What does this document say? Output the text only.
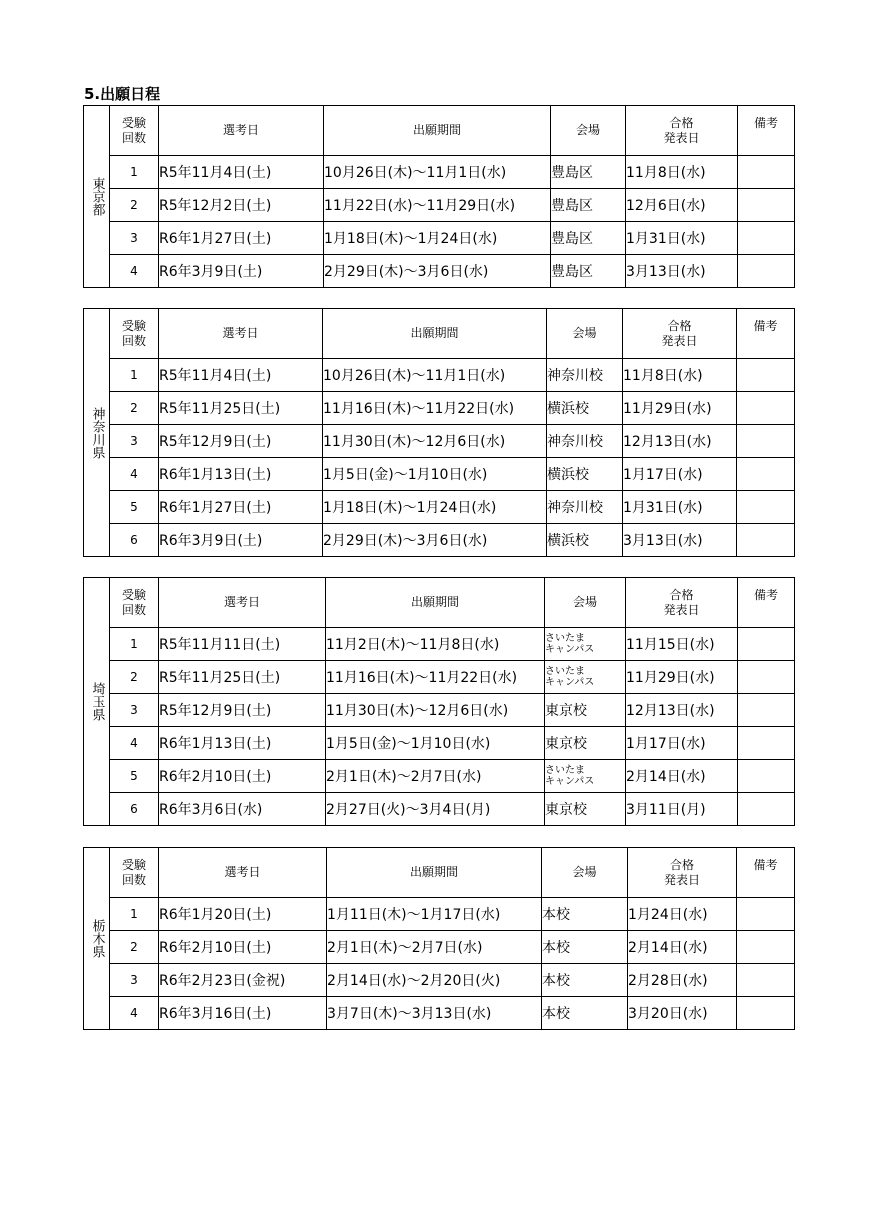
5.出願日程
東京都	受験
回数	選考日	出願期間	会場	合格
発表日	備考
	1	R5年11月4日(土)	10月26日(木)～11月1日(水)	豊島区	11月8日(水)	
	2	R5年12月2日(土)	11月22日(水)～11月29日(水)	豊島区	12月6日(水)	
	3	R6年1月27日(土)	1月18日(木)～1月24日(水)	豊島区	1月31日(水)	
	4	R6年3月9日(土)	2月29日(木)～3月6日(水)	豊島区	3月13日(水)	
神奈川県	受験
回数	選考日	出願期間	会場	合格
発表日	備考
	1	R5年11月4日(土)	10月26日(木)～11月1日(水)	神奈川校	11月8日(水)	
	2	R5年11月25日(土)	11月16日(木)～11月22日(水)	横浜校	11月29日(水)	
	3	R5年12月9日(土)	11月30日(木)～12月6日(水)	神奈川校	12月13日(水)	
	4	R6年1月13日(土)	1月5日(金)～1月10日(水)	横浜校	1月17日(水)	
	5	R6年1月27日(土)	1月18日(木)～1月24日(水)	神奈川校	1月31日(水)	
	6	R6年3月9日(土)	2月29日(木)～3月6日(水)	横浜校	3月13日(水)	
埼玉県	受験
回数	選考日	出願期間	会場	合格
発表日	備考
	1	R5年11月11日(土)	11月2日(木)～11月8日(水)	さいたま
キャンパス	11月15日(水)	
	2	R5年11月25日(土)	11月16日(木)～11月22日(水)	さいたま
キャンパス	11月29日(水)	
	3	R5年12月9日(土)	11月30日(木)～12月6日(水)	東京校	12月13日(水)	
	4	R6年1月13日(土)	1月5日(金)～1月10日(水)	東京校	1月17日(水)	
	5	R6年2月10日(土)	2月1日(木)～2月7日(水)	さいたま
キャンパス	2月14日(水)	
	6	R6年3月6日(水)	2月27日(火)～3月4日(月)	東京校	3月11日(月)	
栃木県	受験
回数	選考日	出願期間	会場	合格
発表日	備考
	1	R6年1月20日(土)	1月11日(木)～1月17日(水)	本校	1月24日(水)	
	2	R6年2月10日(土)	2月1日(木)～2月7日(水)	本校	2月14日(水)	
	3	R6年2月23日(金祝)	2月14日(水)～2月20日(火)	本校	2月28日(水)	
	4	R6年3月16日(土)	3月7日(木)～3月13日(水)	本校	3月20日(水)	
